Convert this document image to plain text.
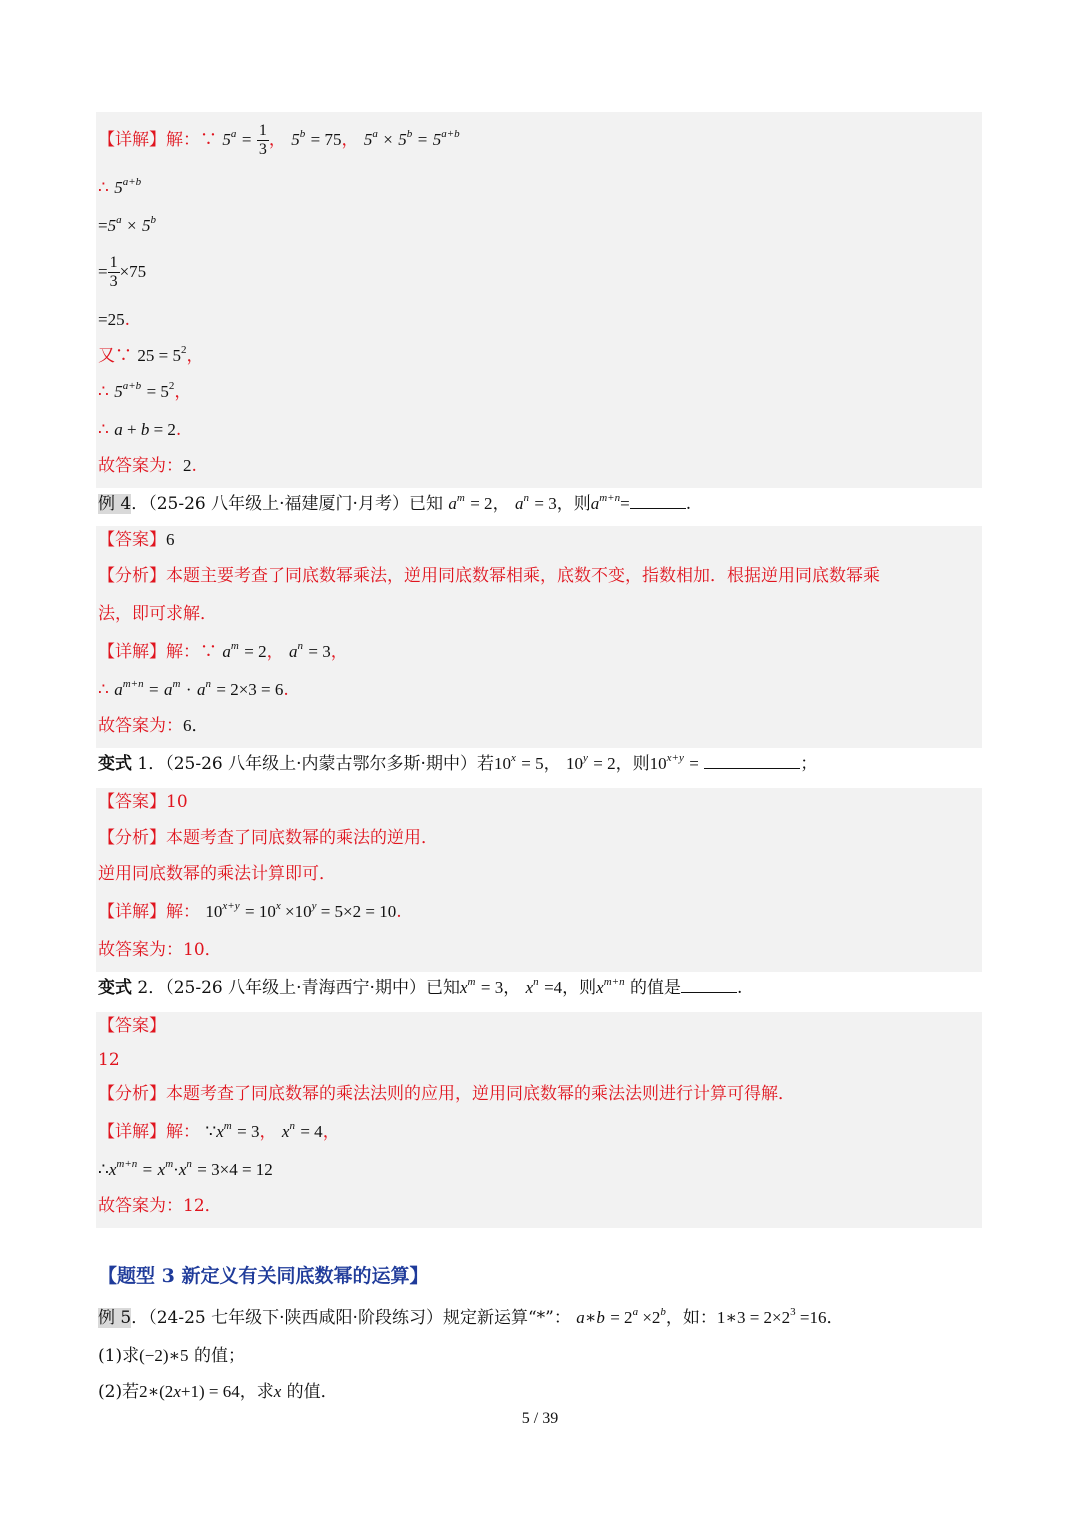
【详解】解：∵ $5^a = \frac{1}{3}$ ， $5^b = 75$， $5^a \times 5^b = 5^{a+b}$
∴ $5^{a+b}$
$=5^a \times 5^b$
= $\frac{1}{3} \times 75$
=25.
又∵ $25 = 5^2$，
∴ $5^{a+b} = 5^2$，
∴ a + b = 2.
故答案为：2.
例 4．（25-26 八年级上·福建厦门·月考）已知 $a^m = 2$， $a^n = 3$，则$a^{m+n}=$	.
【答案】6
【分析】本题主要考查了同底数幂乘法，逆用同底数幂相乘，底数不变，指数相加．根据逆用同底数幂乘
法，即可求解．
【详解】解：∵ $a^m = 2$， $a^n = 3$，
∴ $a^{m+n} = a^m \cdot a^n = 2\times 3 = 6$.
故答案为：6．
变式 1．（25-26 八年级上·内蒙古鄂尔多斯·期中）若$10^x = 5$， $10^y = 2$，则$10^{x+y}$ =	；
【答案】10
【分析】本题考查了同底数幂的乘法的逆用．
逆用同底数幂的乘法计算即可．
【详解】解： $10^{x+y} = 10^x \times 10^y = 5\times 2 = 10$.
故答案为：10．
变式 2．（25-26 八年级上·青海西宁·期中）已知$x^m = 3$， $x^n =4$，则$x^{m+n}$ 的值是	.
【答案】
12
【分析】本题考查了同底数幂的乘法法则的应用，逆用同底数幂的乘法法则进行计算可得解．
【详解】解： $\because x^m = 3$， $x^n = 4$，
$\therefore x^{m+n} = x^m\cdot x^n = 3\times 4 = 12$
故答案为：12．
【题型 3 新定义有关同底数幂的运算】
例 5．（24-25 七年级下·陕西咸阳·阶段练习）规定新运算“*”： a∗b = $2^a \times 2^b$，如：1∗3 = $2\times 2^3 =16$．
(1)求(−2)∗5 的值；
(2)若2∗(2x+1) = 64，求x 的值．
5 / 39
